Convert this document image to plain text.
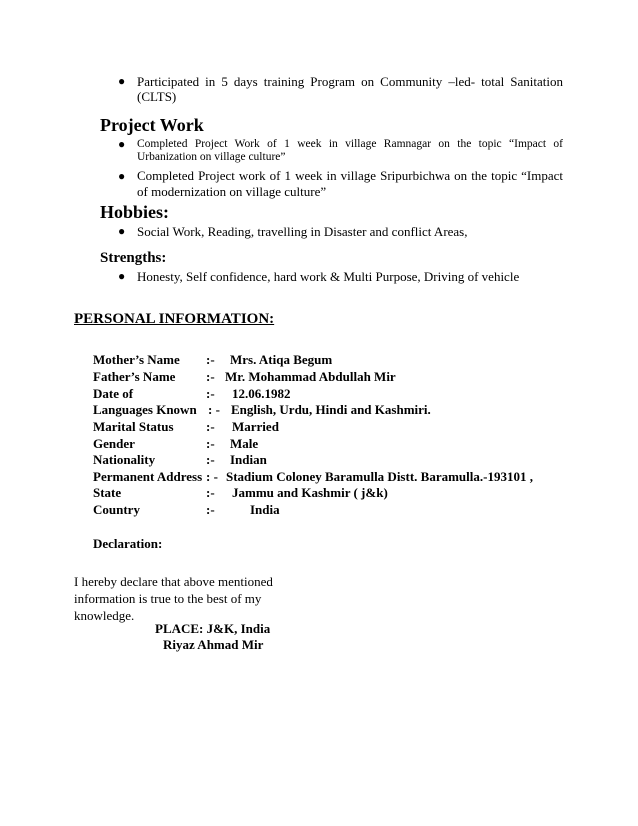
● Participated in 5 days training Program on Community –led- total Sanitation (CLTS)
Project Work
● Completed Project Work of 1 week in village Ramnagar on the topic “Impact of Urbanization on village culture”
● Completed Project work of 1 week in village Sripurbichwa on the topic “Impact of modernization on village culture”
Hobbies:
● Social Work, Reading, travelling in Disaster and conflict Areas,
Strengths:
● Honesty, Self confidence, hard work & Multi Purpose, Driving of vehicle
PERSONAL INFORMATION:
Mother’s Name :- Mrs. Atiqa Begum
Father’s Name :- Mr. Mohammad Abdullah Mir
Date of	:- 12.06.1982
Languages Known : - English, Urdu, Hindi and Kashmiri.
Marital Status :- Married
Gender	:- Male
Nationality	:- Indian
Permanent Address : - Stadium Coloney Baramulla Distt. Baramulla.-193101 ,
State	:- Jammu and Kashmir ( j&k)
Country	:-	India
Declaration:
I hereby declare that above mentioned information is true to the best of my knowledge.
PLACE: J&K, India
Riyaz Ahmad Mir
